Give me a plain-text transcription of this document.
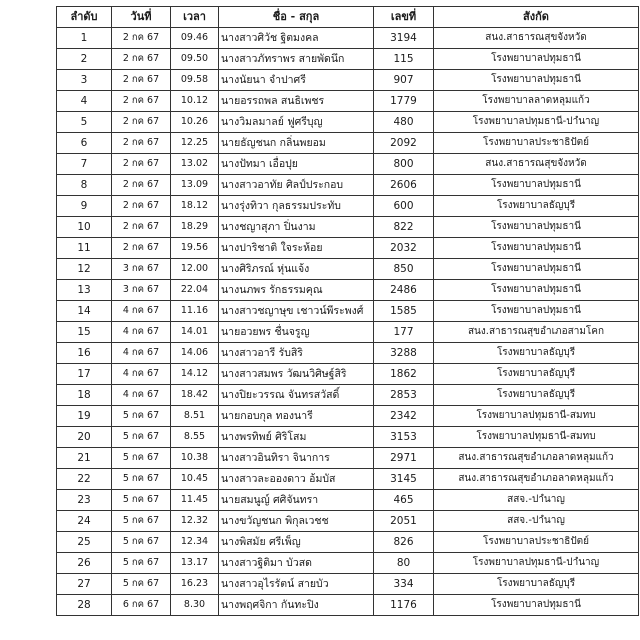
ลำดับ	วันที่	เวลา	ชื่อ - สกุล	เลขที่	สังกัด
1	2 กค 67	09.46	นางสาวศิวัช ฐิตมงคล	3194	สนง.สาธารณสุขจังหวัด
2	2 กค 67	09.50	นางสาวภัทราพร สายพัดนึก	115	โรงพยาบาลปทุมธานี
3	2 กค 67	09.58	นางนัยนา จำปาศรี	907	โรงพยาบาลปทุมธานี
4	2 กค 67	10.12	นายอรรถพล สนธิเพชร	1779	โรงพยาบาลลาดหลุมแก้ว
5	2 กค 67	10.26	นางวิมลมาลย์ ฟูศรีบุญ	480	โรงพยาบาลปทุมธานี-ปาํนาญ
6	2 กค 67	12.25	นายธัญชนก กลิ่นพยอม	2092	โรงพยาบาลประชาธิปัตย์
7	2 กค 67	13.02	นางปัทมา เอื่อปุย	800	สนง.สาธารณสุขจังหวัด
8	2 กค 67	13.09	นางสาวอาทัย ศิลป์ประกอบ	2606	โรงพยาบาลปทุมธานี
9	2 กค 67	18.12	นางรุ่งทิวา กุลธรรมประทับ	600	โรงพยาบาลธัญบุรี
10	2 กค 67	18.29	นางชญาสุภา ปิ่นงาม	822	โรงพยาบาลปทุมธานี
11	2 กค 67	19.56	นางปาริชาติ ใจระห้อย	2032	โรงพยาบาลปทุมธานี
12	3 กค 67	12.00	นางศิริภรณ์ หุ่นแจ้ง	850	โรงพยาบาลปทุมธานี
13	3 กค 67	22.04	นางนภพร รักธรรมคุณ	2486	โรงพยาบาลปทุมธานี
14	4 กค 67	11.16	นางสาวชญาษุข เชาวน์พีระพงศ์	1585	โรงพยาบาลปทุมธานี
15	4 กค 67	14.01	นายอวยพร ชื่นจรูญ	177	สนง.สาธารณสุขอำเภอสามโคก
16	4 กค 67	14.06	นางสาวอารี รับสิริ	3288	โรงพยาบาลธัญบุรี
17	4 กค 67	14.12	นางสาวสมพร วัฒนวิศิษฐ์สิริ	1862	โรงพยาบาลธัญบุรี
18	4 กค 67	18.42	นางปิยะวรรณ จันทรสวัสดิ์	2853	โรงพยาบาลธัญบุรี
19	5 กค 67	8.51	นายกอบกุล ทองนารี	2342	โรงพยาบาลปทุมธานี-สมทบ
20	5 กค 67	8.55	นางพรทิพย์ ศิริโสม	3153	โรงพยาบาลปทุมธานี-สมทบ
21	5 กค 67	10.38	นางสาวอินทิรา จินาการ	2971	สนง.สาธารณสุขอำเภอลาดหลุมแก้ว
22	5 กค 67	10.45	นางสาวละอองดาว อ้มบัส	3145	สนง.สาธารณสุขอำเภอลาดหลุมแก้ว
23	5 กค 67	11.45	นายสมนูญ์ ศศิจันทรา	465	สสจ.-ปาํนาญ
24	5 กค 67	12.32	นางขวัญชนก พิกุลเวชช	2051	สสจ.-ปาํนาญ
25	5 กค 67	12.34	นางพิสมัย ศรีเพ็ญ	826	โรงพยาบาลประชาธิปัตย์
26	5 กค 67	13.17	นางสาวฐิติมา บัวสด	80	โรงพยาบาลปทุมธานี-ปาํนาญ
27	5 กค 67	16.23	นางสาวอุไรรัตน์ สายบัว	334	โรงพยาบาลธัญบุรี
28	6 กค 67	8.30	นางพฤศจิกา กันทะปิง	1176	โรงพยาบาลปทุมธานี
